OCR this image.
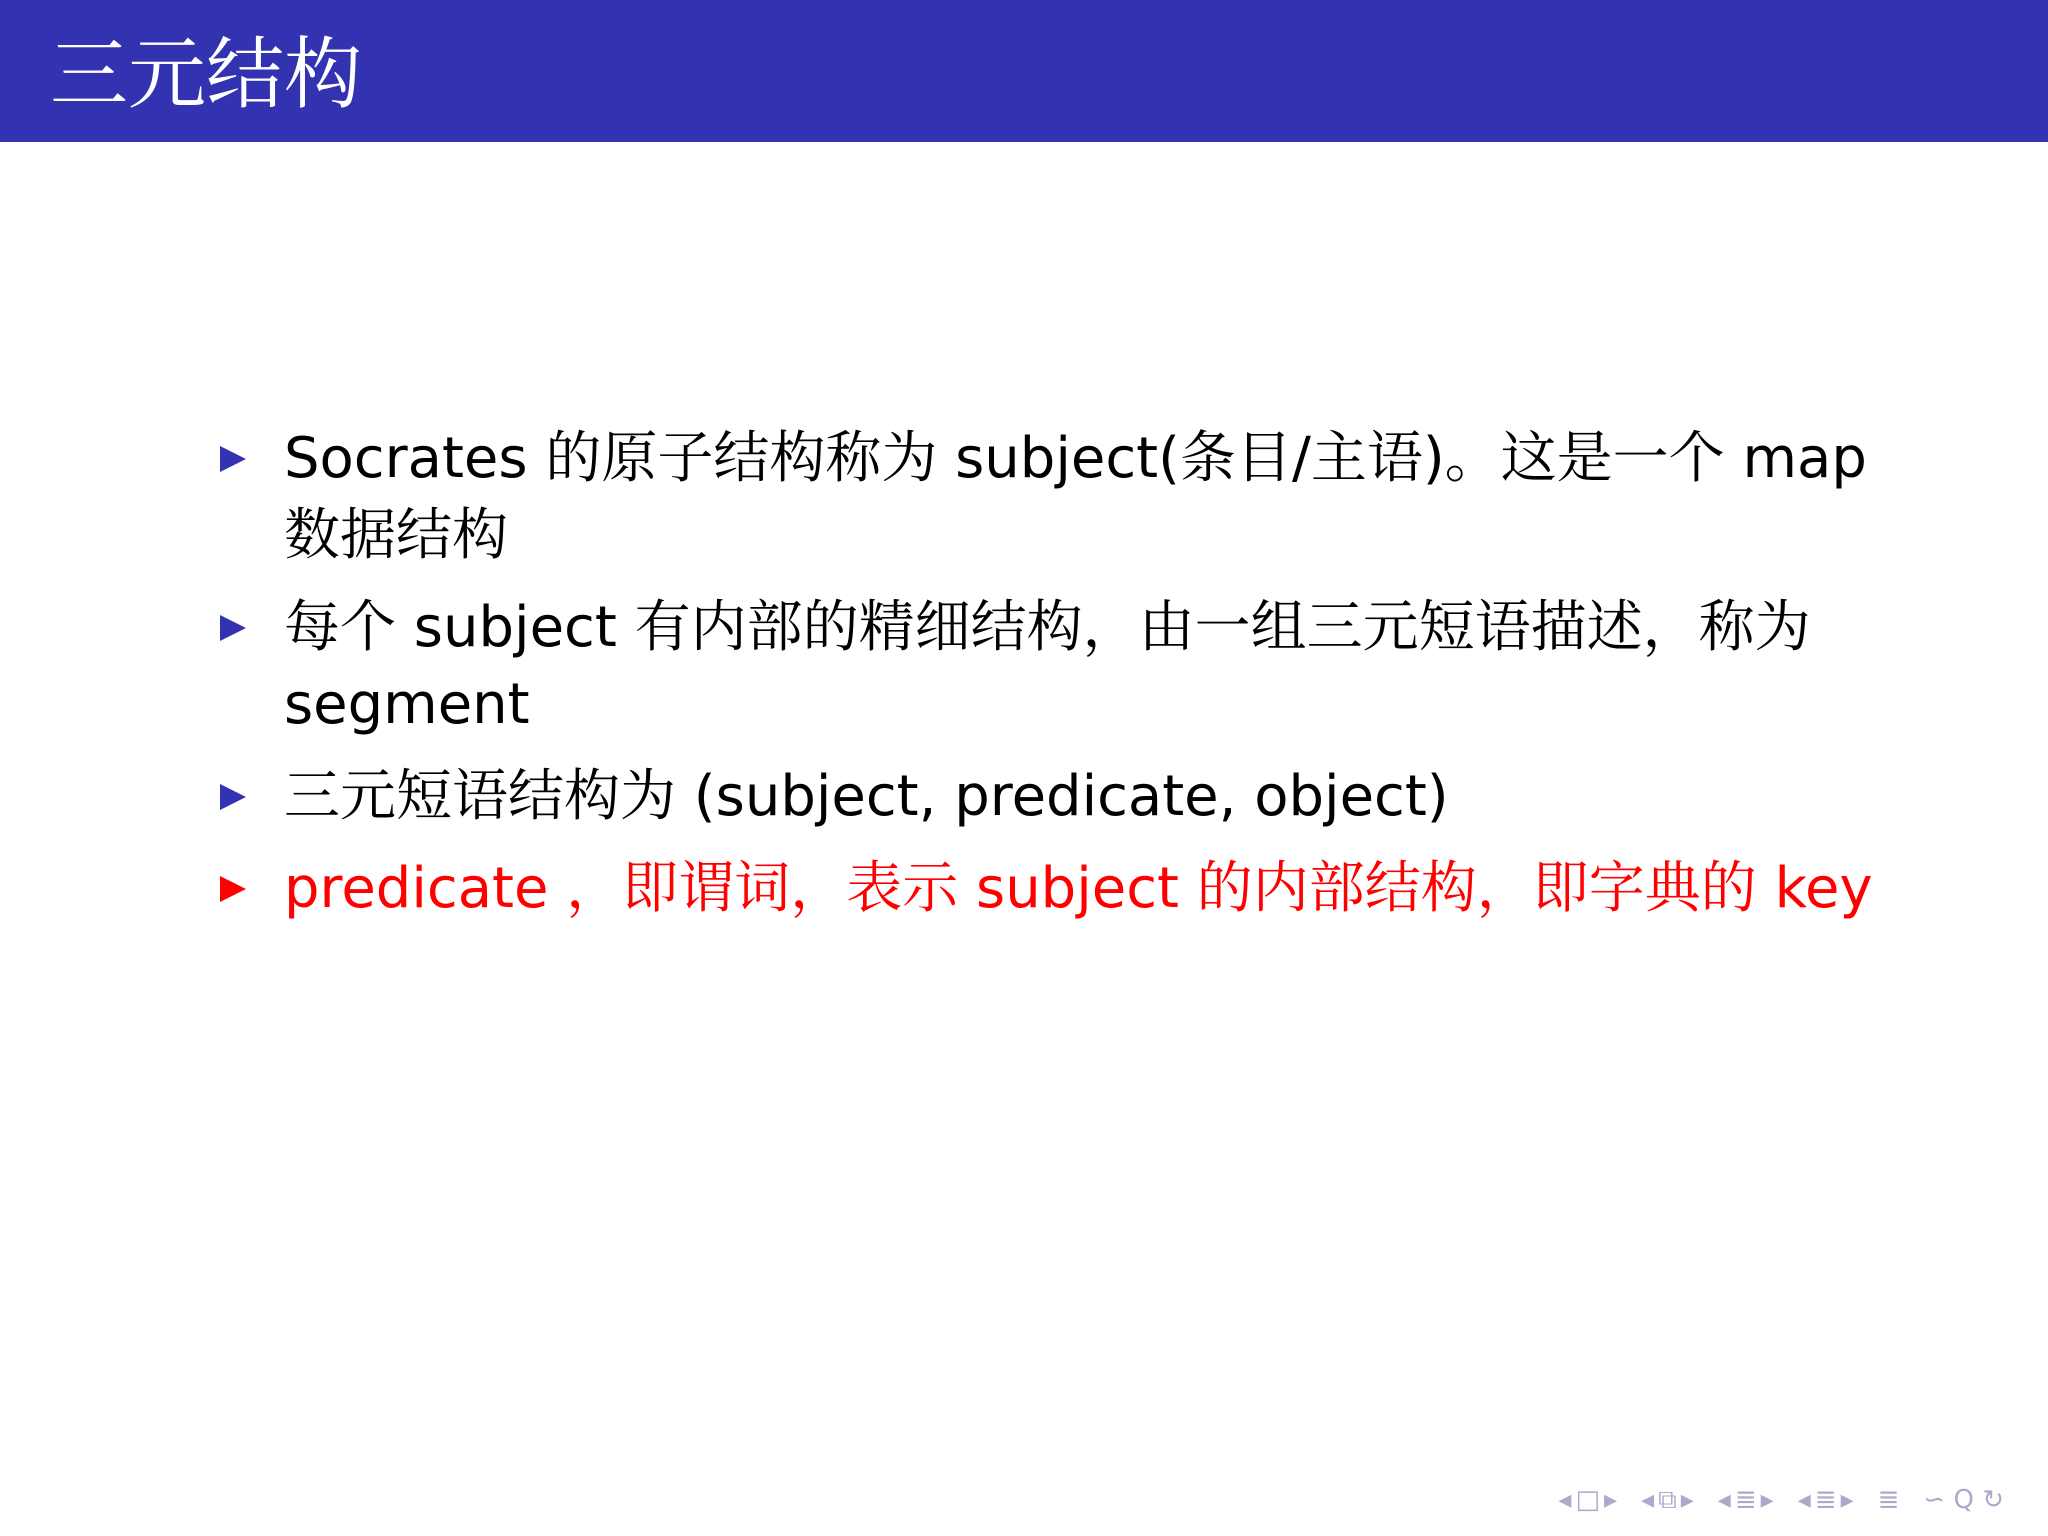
三元结构
Socrates 的原子结构称为 subject(条目/主语)。这是一个 map 数据结构
每个 subject 有内部的精细结构，由一组三元短语描述，称为 segment
三元短语结构为 (subject, predicate, object)
predicate ，即谓词，表示 subject 的内部结构，即字典的 key
◂ □ ▸ ◂ ⧉ ▸ ◂ ≣ ▸ ◂ ≣ ▸ ≣ ∽ Q ↻
